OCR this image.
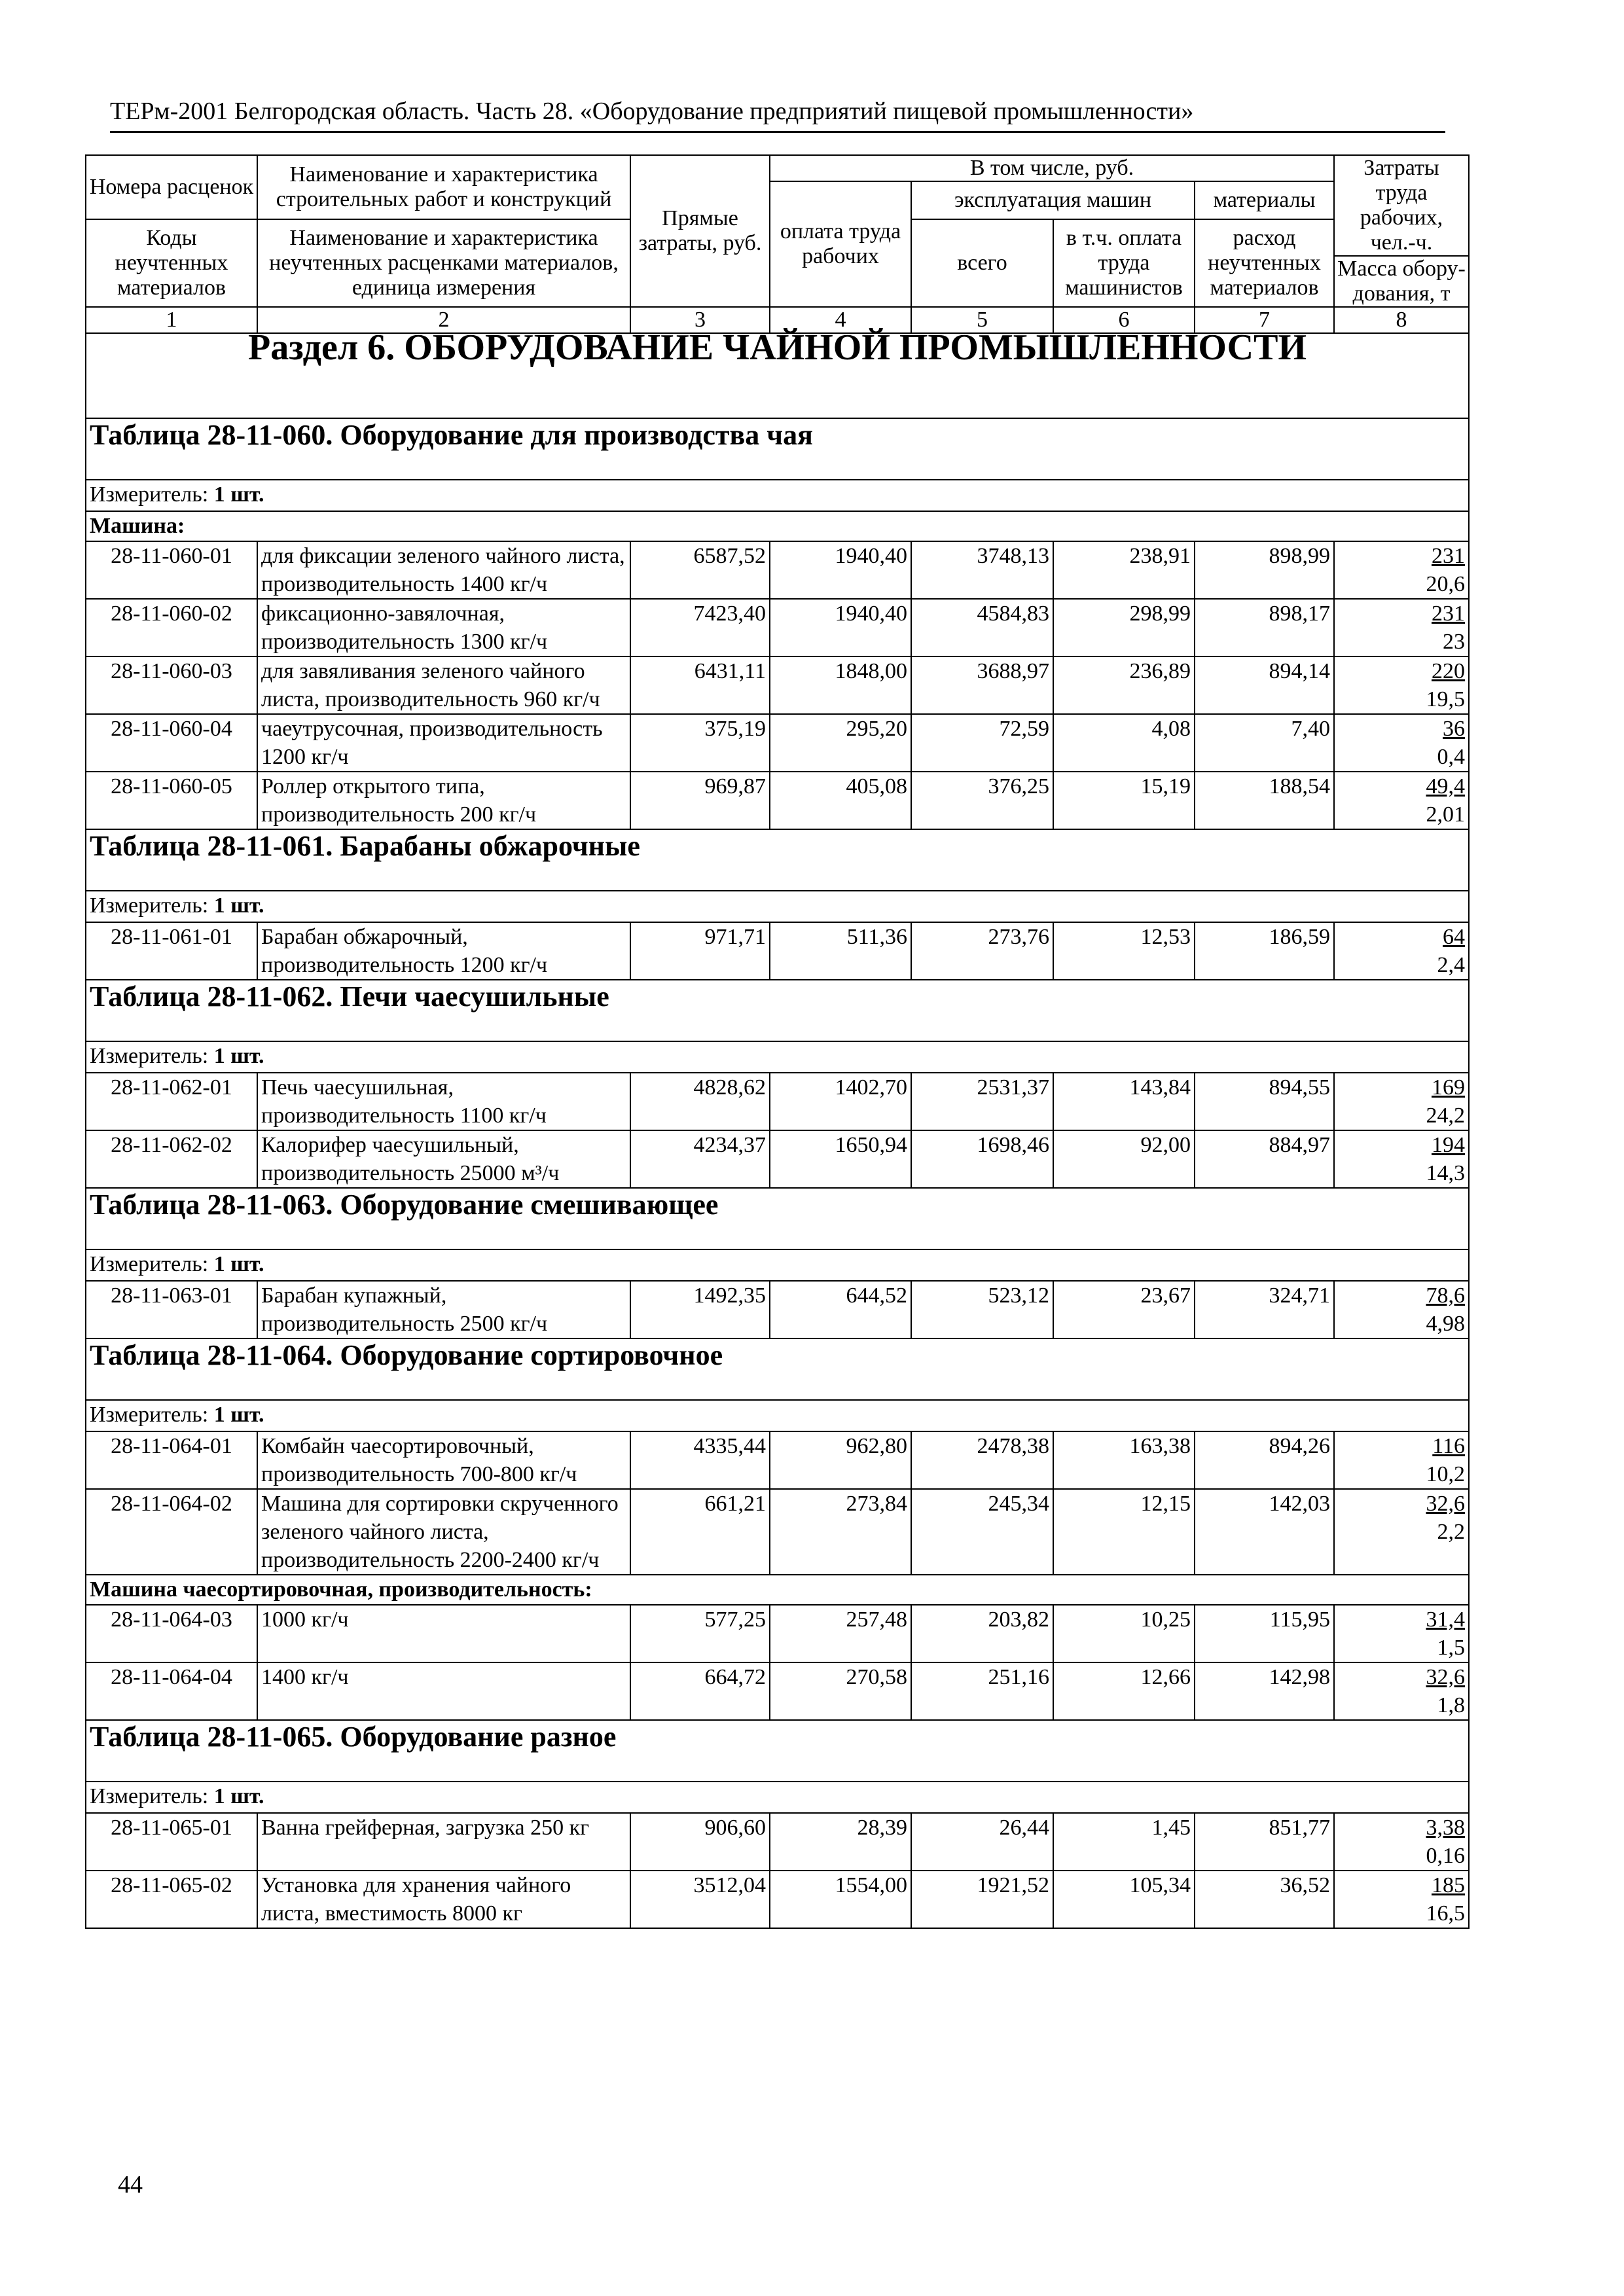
ТЕРм-2001 Белгородская область. Часть 28. «Оборудование предприятий пищевой промышленности»
Номера расценок	Наименование и характеристика строительных работ и конструкций	Прямые затраты, руб.	В том числе, руб.				Затраты труда рабочих, чел.-ч.
			оплата труда рабочих	эксплуатация машин		материалы	
Коды неучтенных материалов	Наименование и характеристика неучтенных расценками материалов, единица измерения			всего	в т.ч. оплата труда машинистов	расход неучтенных материалов	
							Масса обору-дования, т
1	2	3	4	5	6	7	8
Раздел 6. ОБОРУДОВАНИЕ ЧАЙНОЙ ПРОМЫШЛЕННОСТИ							
Таблица 28-11-060. Оборудование для производства чая							
Измеритель: 1 шт.							
Машина:							
28-11-060-01	для фиксации зеленого чайного листа, производительность 1400 кг/ч	6587,52	1940,40	3748,13	238,91	898,99	231
20,6

28-11-060-02	фиксационно-завялочная, производительность 1300 кг/ч	7423,40	1940,40	4584,83	298,99	898,17	231
23

28-11-060-03	для завяливания зеленого чайного листа, производительность 960 кг/ч	6431,11	1848,00	3688,97	236,89	894,14	220
19,5

28-11-060-04	чаеутрусочная, производительность 1200 кг/ч	375,19	295,20	72,59	4,08	7,40	36
0,4

28-11-060-05	Роллер открытого типа, производительность 200 кг/ч	969,87	405,08	376,25	15,19	188,54	49,4
2,01

Таблица 28-11-061. Барабаны обжарочные							
Измеритель: 1 шт.							
28-11-061-01	Барабан обжарочный, производительность 1200 кг/ч	971,71	511,36	273,76	12,53	186,59	64
2,4

Таблица 28-11-062. Печи чаесушильные							
Измеритель: 1 шт.							
28-11-062-01	Печь чаесушильная, производительность 1100 кг/ч	4828,62	1402,70	2531,37	143,84	894,55	169
24,2

28-11-062-02	Калорифер чаесушильный, производительность 25000 м³/ч	4234,37	1650,94	1698,46	92,00	884,97	194
14,3

Таблица 28-11-063. Оборудование смешивающее							
Измеритель: 1 шт.							
28-11-063-01	Барабан купажный, производительность 2500 кг/ч	1492,35	644,52	523,12	23,67	324,71	78,6
4,98

Таблица 28-11-064. Оборудование сортировочное							
Измеритель: 1 шт.							
28-11-064-01	Комбайн чаесортировочный, производительность 700-800 кг/ч	4335,44	962,80	2478,38	163,38	894,26	116
10,2

28-11-064-02	Машина для сортировки скрученного зеленого чайного листа, производительность 2200-2400 кг/ч	661,21	273,84	245,34	12,15	142,03	32,6
2,2

Машина чаесортировочная, производительность:							
28-11-064-03	1000 кг/ч	577,25	257,48	203,82	10,25	115,95	31,4
1,5

28-11-064-04	1400 кг/ч	664,72	270,58	251,16	12,66	142,98	32,6
1,8

Таблица 28-11-065. Оборудование разное							
Измеритель: 1 шт.							
28-11-065-01	Ванна грейферная, загрузка 250 кг	906,60	28,39	26,44	1,45	851,77	3,38
0,16

28-11-065-02	Установка для хранения чайного листа, вместимость 8000 кг	3512,04	1554,00	1921,52	105,34	36,52	185
16,5
44
